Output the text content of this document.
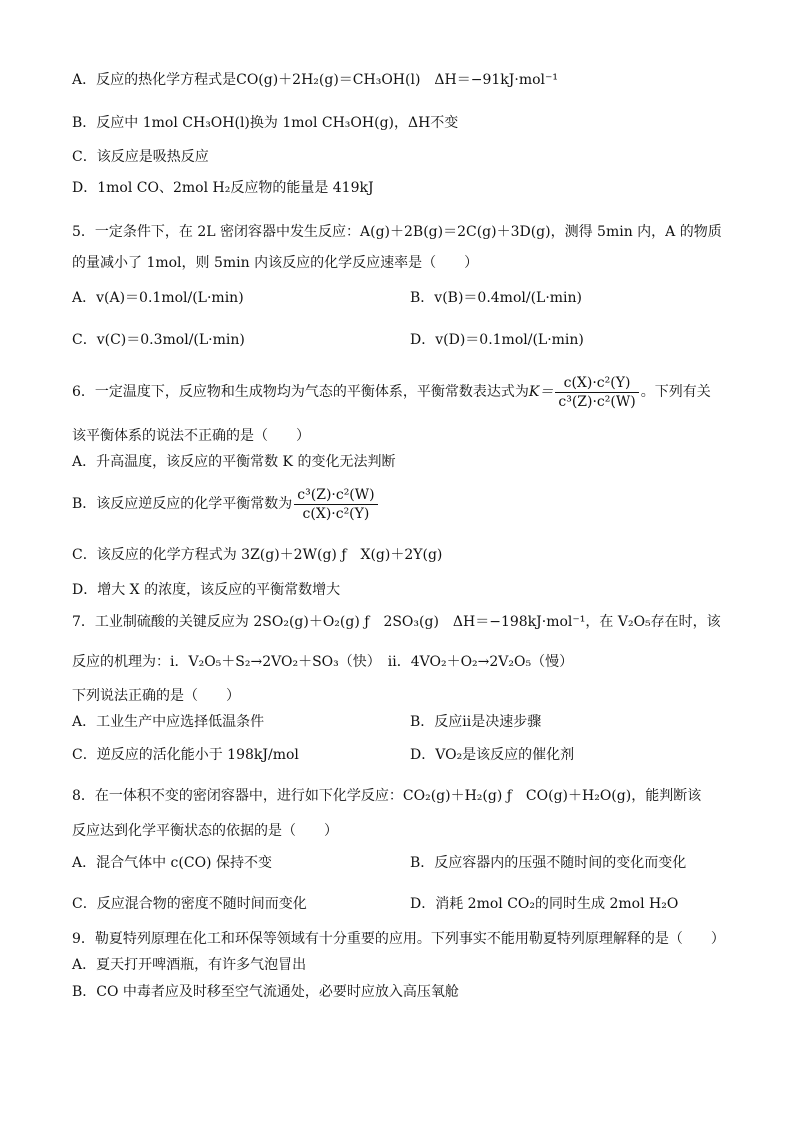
A．反应的热化学方程式是CO(g)＋2H₂(g)＝CH₃OH(l)　ΔH＝−91kJ·mol⁻¹
B．反应中 1mol CH₃OH(l)换为 1mol CH₃OH(g)，ΔH不变
C．该反应是吸热反应
D．1mol CO、2mol H₂反应物的能量是 419kJ
5．一定条件下，在 2L 密闭容器中发生反应：A(g)＋2B(g)＝2C(g)＋3D(g)，测得 5min 内，A 的物质
的量减小了 1mol，则 5min 内该反应的化学反应速率是（　　）
A．v(A)＝0.1mol/(L·min)	B．v(B)＝0.4mol/(L·min)
C．v(C)＝0.3mol/(L·min)	D．v(D)＝0.1mol/(L·min)
6．一定温度下，反应物和生成物均为气态的平衡体系，平衡常数表达式为$K= \frac{\text{c(X)·c²(Y)}}{\text{c³(Z)·c²(W)}}$ 。下列有关
该平衡体系的说法不正确的是（　　）
A．升高温度，该反应的平衡常数 K 的变化无法判断
B．该反应逆反应的化学平衡常数为 $\frac{\text{c³(Z)·c²(W)}}{\text{c(X)·c²(Y)}}$
C．该反应的化学方程式为 3Z(g)＋2W(g) ƒ　X(g)＋2Y(g)
D．增大 X 的浓度，该反应的平衡常数增大
7．工业制硫酸的关键反应为 2SO₂(g)＋O₂(g) ƒ　2SO₃(g)　ΔH＝−198kJ·mol⁻¹，在 V₂O₅存在时，该
反应的机理为：ⅰ．V₂O₅＋S₂→2VO₂＋SO₃（快）　ⅱ．4VO₂＋O₂→2V₂O₅（慢）
下列说法正确的是（　　）
A．工业生产中应选择低温条件	B．反应ⅱ是决速步骤
C．逆反应的活化能小于 198kJ/mol	D．VO₂是该反应的催化剂
8．在一体积不变的密闭容器中，进行如下化学反应：CO₂(g)＋H₂(g) ƒ　CO(g)＋H₂O(g)，能判断该
反应达到化学平衡状态的依据的是（　　）
A．混合气体中 c(CO) 保持不变	B．反应容器内的压强不随时间的变化而变化
C．反应混合物的密度不随时间而变化	D．消耗 2mol CO₂的同时生成 2mol H₂O
9．勒夏特列原理在化工和环保等领域有十分重要的应用。下列事实不能用勒夏特列原理解释的是（　　）
A．夏天打开啤酒瓶，有许多气泡冒出
B．CO 中毒者应及时移至空气流通处，必要时应放入高压氧舱
